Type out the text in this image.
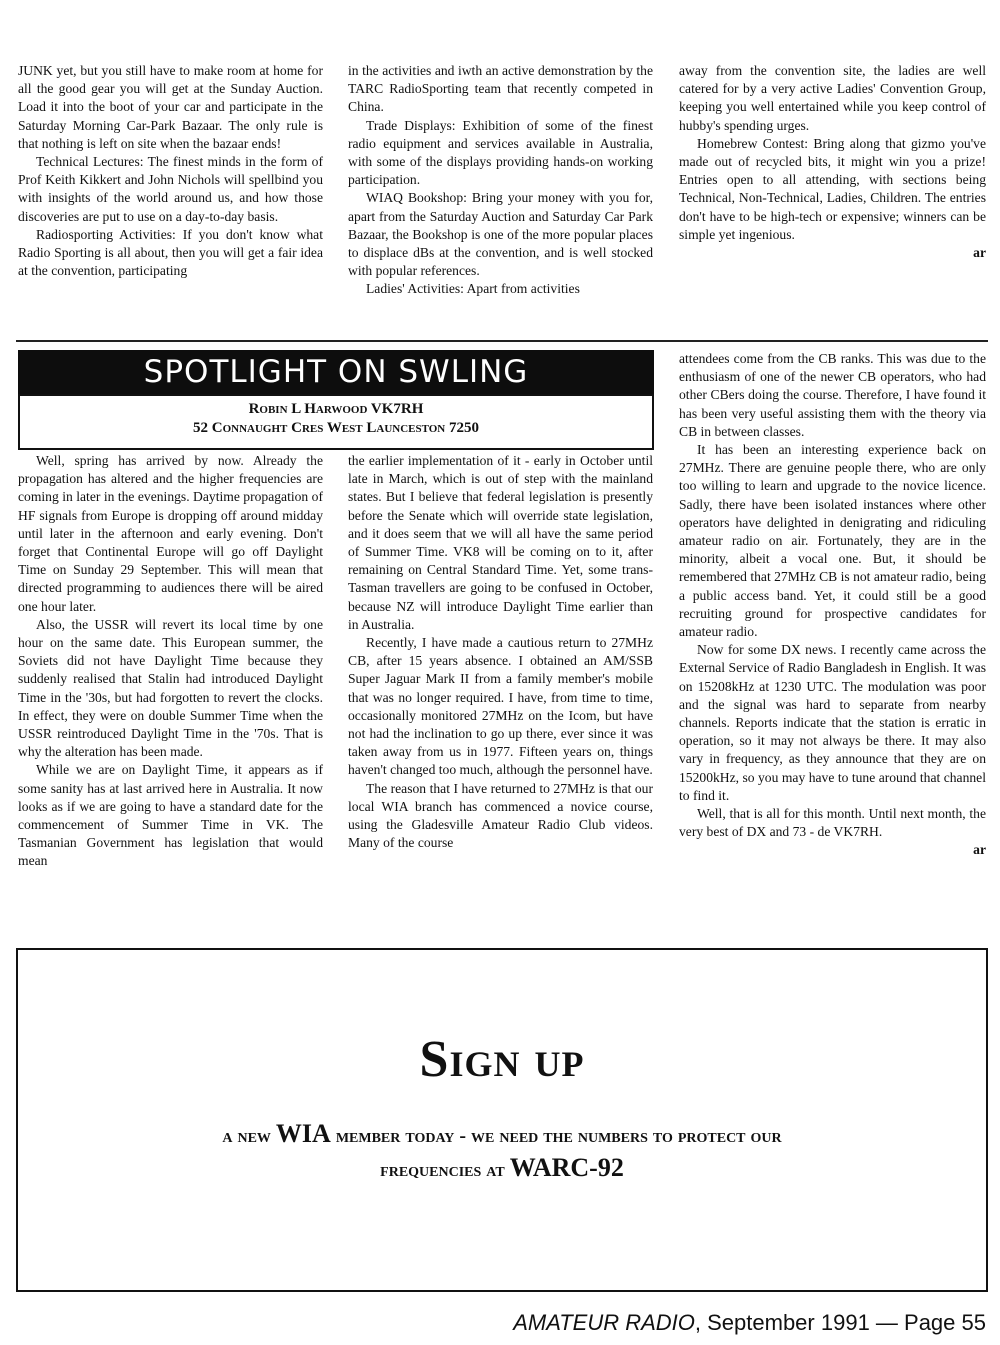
JUNK yet, but you still have to make room at home for all the good gear you will get at the Sunday Auction. Load it into the boot of your car and participate in the Saturday Morning Car-Park Bazaar. The only rule is that nothing is left on site when the bazaar ends!

Technical Lectures: The finest minds in the form of Prof Keith Kikkert and John Nichols will spellbind you with insights of the world around us, and how those discoveries are put to use on a day-to-day basis.

Radiosporting Activities: If you don't know what Radio Sporting is all about, then you will get a fair idea at the convention, participating

in the activities and iwth an active demonstration by the TARC RadioSporting team that recently competed in China.

Trade Displays: Exhibition of some of the finest radio equipment and services available in Australia, with some of the displays providing hands-on working participation.

WIAQ Bookshop: Bring your money with you for, apart from the Saturday Auction and Saturday Car Park Bazaar, the Bookshop is one of the more popular places to displace dBs at the convention, and is well stocked with popular references.

Ladies' Activities: Apart from activities

away from the convention site, the ladies are well catered for by a very active Ladies' Convention Group, keeping you well entertained while you keep control of hubby's spending urges.

Homebrew Contest: Bring along that gizmo you've made out of recycled bits, it might win you a prize! Entries open to all attending, with sections being Technical, Non-Technical, Ladies, Children. The entries don't have to be high-tech or expensive; winners can be simple yet ingenious.

ar

SPOTLIGHT ON SWLING
Robin L Harwood VK7RH
52 Connaught Cres West Launceston 7250

Well, spring has arrived by now. Already the propagation has altered and the higher frequencies are coming in later in the evenings. Daytime propagation of HF signals from Europe is dropping off around midday until later in the afternoon and early evening. Don't forget that Continental Europe will go off Daylight Time on Sunday 29 September. This will mean that directed programming to audiences there will be aired one hour later.

Also, the USSR will revert its local time by one hour on the same date. This European summer, the Soviets did not have Daylight Time because they suddenly realised that Stalin had introduced Daylight Time in the '30s, but had forgotten to revert the clocks. In effect, they were on double Summer Time when the USSR reintroduced Daylight Time in the '70s. That is why the alteration has been made.

While we are on Daylight Time, it appears as if some sanity has at last arrived here in Australia. It now looks as if we are going to have a standard date for the commencement of Summer Time in VK. The Tasmanian Government has legislation that would mean

the earlier implementation of it - early in October until late in March, which is out of step with the mainland states. But I believe that federal legislation is presently before the Senate which will override state legislation, and it does seem that we will all have the same period of Summer Time. VK8 will be coming on to it, after remaining on Central Standard Time. Yet, some trans-Tasman travellers are going to be confused in October, because NZ will introduce Daylight Time earlier than in Australia.

Recently, I have made a cautious return to 27MHz CB, after 15 years absence. I obtained an AM/SSB Super Jaguar Mark II from a family member's mobile that was no longer required. I have, from time to time, occasionally monitored 27MHz on the Icom, but have not had the inclination to go up there, ever since it was taken away from us in 1977. Fifteen years on, things haven't changed too much, although the personnel have.

The reason that I have returned to 27MHz is that our local WIA branch has commenced a novice course, using the Gladesville Amateur Radio Club videos. Many of the course

attendees come from the CB ranks. This was due to the enthusiasm of one of the newer CB operators, who had other CBers doing the course. Therefore, I have found it has been very useful assisting them with the theory via CB in between classes.

It has been an interesting experience back on 27MHz. There are genuine people there, who are only too willing to learn and upgrade to the novice licence. Sadly, there have been isolated instances where other operators have delighted in denigrating and ridiculing amateur radio on air. Fortunately, they are in the minority, albeit a vocal one. But, it should be remembered that 27MHz CB is not amateur radio, being a public access band. Yet, it could still be a good recruiting ground for prospective candidates for amateur radio.

Now for some DX news. I recently came across the External Service of Radio Bangladesh in English. It was on 15208kHz at 1230 UTC. The modulation was poor and the signal was hard to separate from nearby channels. Reports indicate that the station is erratic in operation, so it may not always be there. It may also vary in frequency, as they announce that they are on 15200kHz, so you may have to tune around that channel to find it.

Well, that is all for this month. Until next month, the very best of DX and 73 - de VK7RH.

ar

Sign up
a new WIA member today - we need the numbers to protect our
frequencies at WARC-92
AMATEUR RADIO, September 1991 — Page 55
